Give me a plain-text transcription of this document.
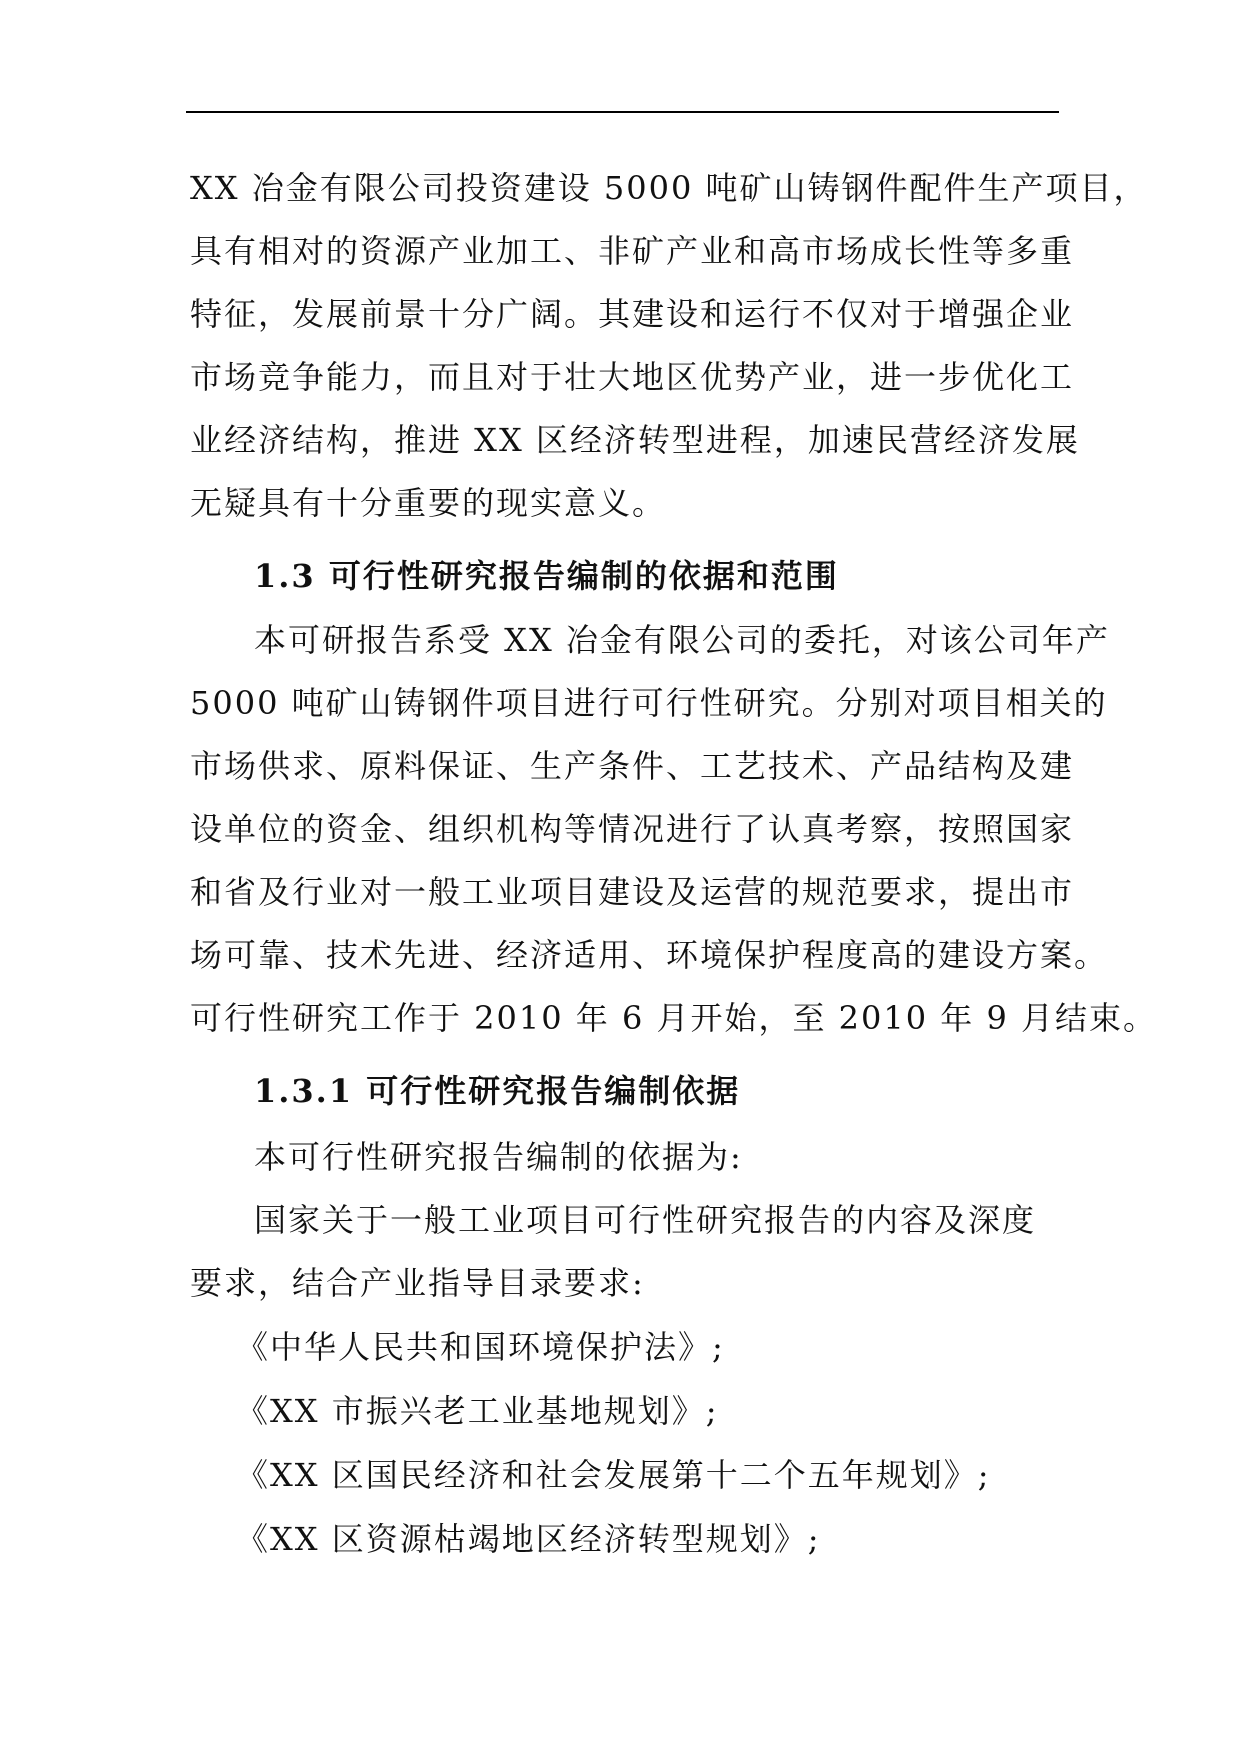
XX 冶金有限公司投资建设 5000 吨矿山铸钢件配件生产项目，
具有相对的资源产业加工、非矿产业和高市场成长性等多重
特征，发展前景十分广阔。其建设和运行不仅对于增强企业
市场竞争能力，而且对于壮大地区优势产业，进一步优化工
业经济结构，推进 XX 区经济转型进程，加速民营经济发展
无疑具有十分重要的现实意义。
1.3 可行性研究报告编制的依据和范围
本可研报告系受 XX 冶金有限公司的委托，对该公司年产
5000 吨矿山铸钢件项目进行可行性研究。分别对项目相关的
市场供求、原料保证、生产条件、工艺技术、产品结构及建
设单位的资金、组织机构等情况进行了认真考察，按照国家
和省及行业对一般工业项目建设及运营的规范要求，提出市
场可靠、技术先进、经济适用、环境保护程度高的建设方案。
可行性研究工作于 2010 年 6 月开始，至 2010 年 9 月结束。
1.3.1 可行性研究报告编制依据
本可行性研究报告编制的依据为:
国家关于一般工业项目可行性研究报告的内容及深度
要求，结合产业指导目录要求:
《中华人民共和国环境保护法》;
《XX 市振兴老工业基地规划》;
《XX 区国民经济和社会发展第十二个五年规划》;
《XX 区资源枯竭地区经济转型规划》;
